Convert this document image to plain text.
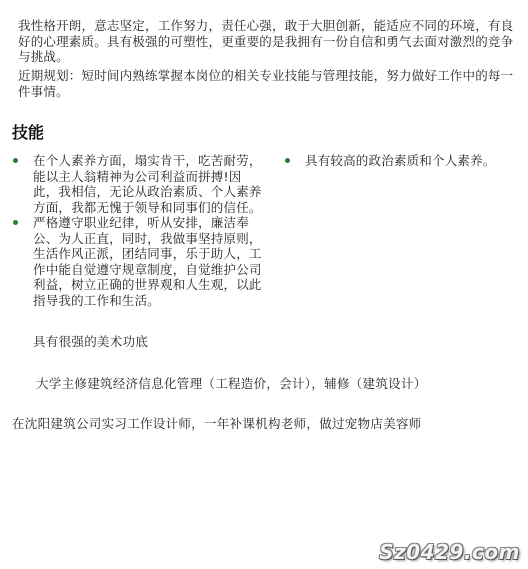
我性格开朗，意志坚定，工作努力，责任心强，敢于大胆创新，能适应不同的环境，有良好的心理素质。具有极强的可塑性，更重要的是我拥有一份自信和勇气去面对激烈的竞争与挑战。
近期规划：短时间内熟练掌握本岗位的相关专业技能与管理技能，努力做好工作中的每一件事情。
技能
在个人素养方面，塌实肯干，吃苦耐劳，能以主人翁精神为公司利益而拼搏!因此，我相信，无论从政治素质、个人素养方面，我都无愧于领导和同事们的信任。
严格遵守职业纪律，听从安排，廉洁奉公、为人正直，同时，我做事坚持原则，生活作风正派，团结同事，乐于助人，工作中能自觉遵守规章制度，自觉维护公司利益，树立正确的世界观和人生观，以此指导我的工作和生活。
具有较高的政治素质和个人素养。
具有很强的美术功底
大学主修建筑经济信息化管理（工程造价，会计），辅修（建筑设计）
在沈阳建筑公司实习工作设计师，一年补课机构老师，做过宠物店美容师
Sz0429.com
